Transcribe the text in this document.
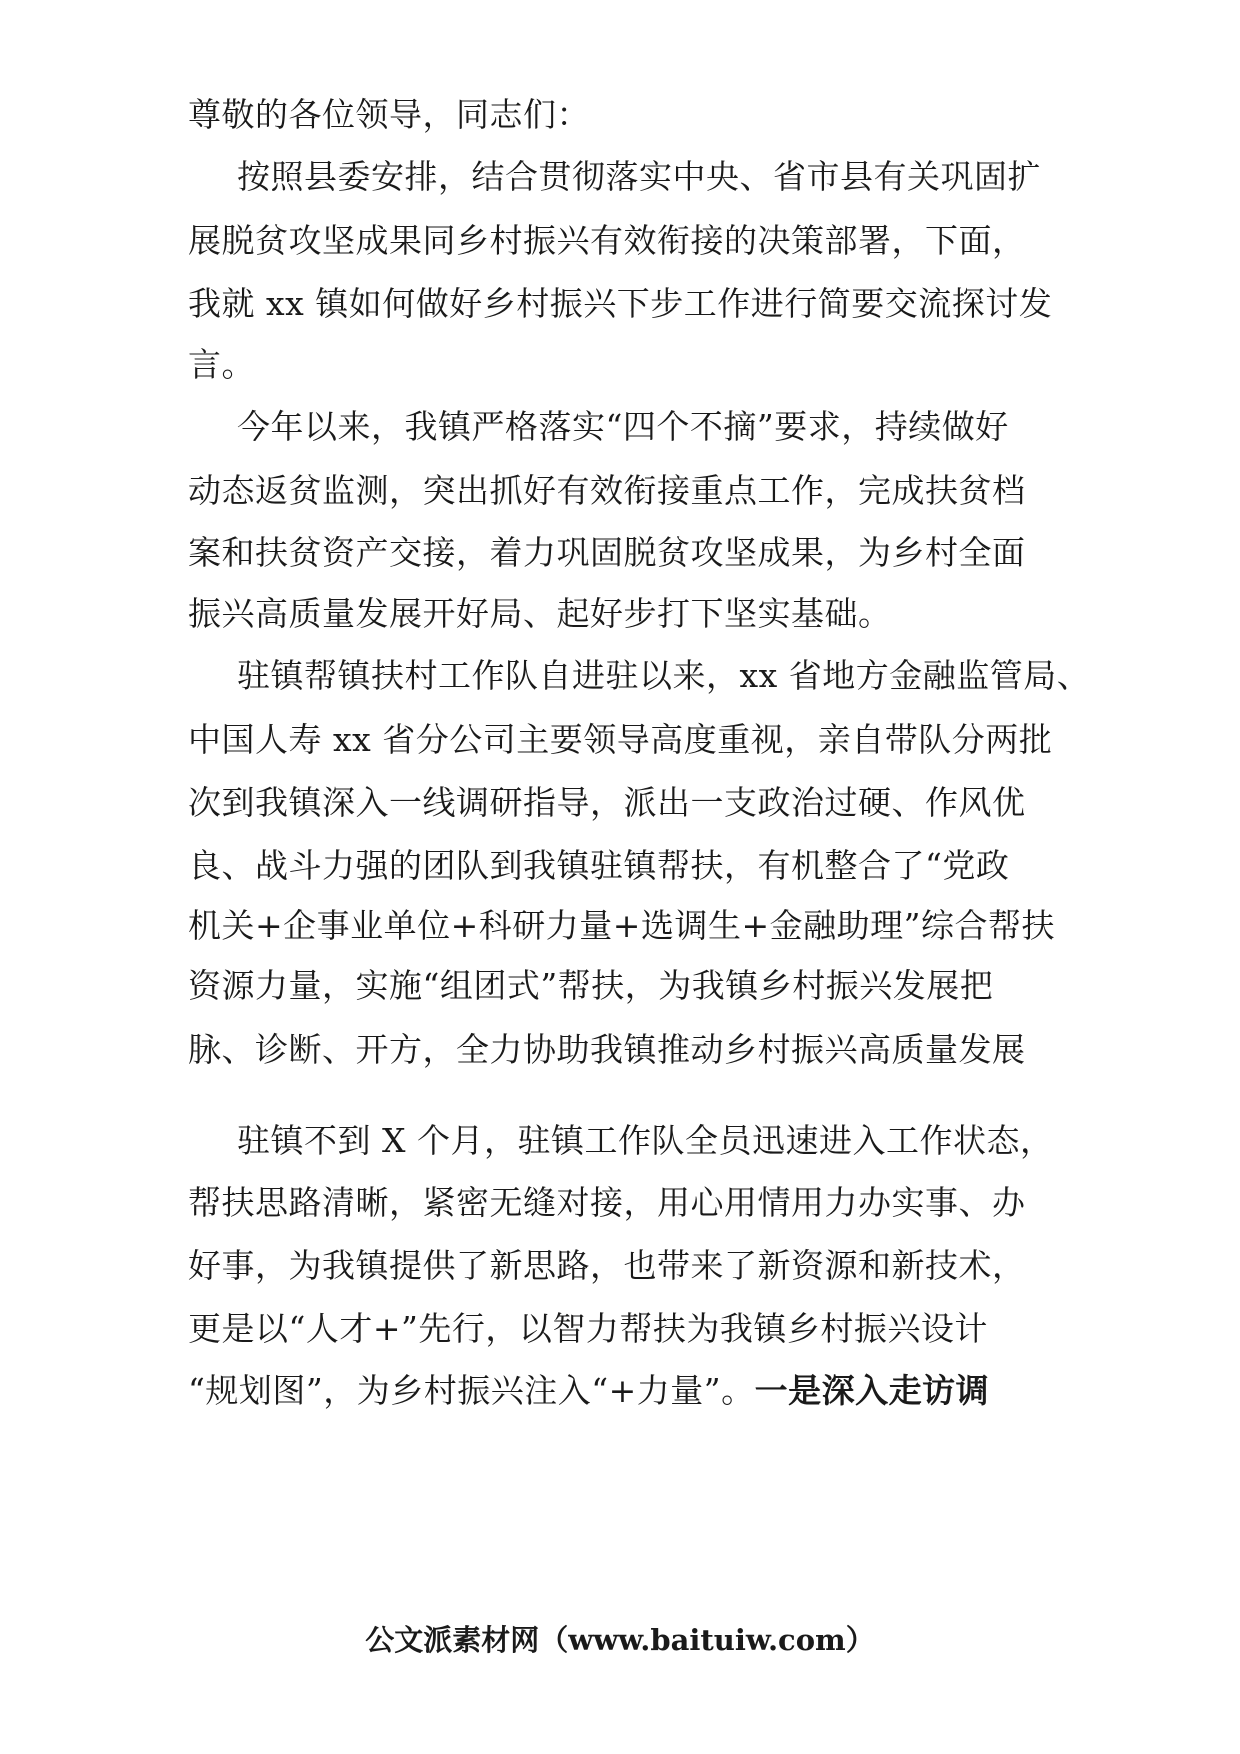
尊敬的各位领导，同志们：
按照县委安排，结合贯彻落实中央、省市县有关巩固扩
展脱贫攻坚成果同乡村振兴有效衔接的决策部署，下面，
我就 xx 镇如何做好乡村振兴下步工作进行简要交流探讨发
言。
今年以来，我镇严格落实“四个不摘”要求，持续做好
动态返贫监测，突出抓好有效衔接重点工作，完成扶贫档
案和扶贫资产交接，着力巩固脱贫攻坚成果，为乡村全面
振兴高质量发展开好局、起好步打下坚实基础。
驻镇帮镇扶村工作队自进驻以来，xx 省地方金融监管局、
中国人寿 xx 省分公司主要领导高度重视，亲自带队分两批
次到我镇深入一线调研指导，派出一支政治过硬、作风优
良、战斗力强的团队到我镇驻镇帮扶，有机整合了“党政
机关+企事业单位+科研力量+选调生+金融助理”综合帮扶
资源力量，实施“组团式”帮扶，为我镇乡村振兴发展把
脉、诊断、开方，全力协助我镇推动乡村振兴高质量发展
驻镇不到 X 个月，驻镇工作队全员迅速进入工作状态，
帮扶思路清晰，紧密无缝对接，用心用情用力办实事、办
好事，为我镇提供了新思路，也带来了新资源和新技术，
更是以“人才+”先行，以智力帮扶为我镇乡村振兴设计
“规划图”，为乡村振兴注入“+力量”。一是深入走访调
公文派素材网（www.baituiw.com）
